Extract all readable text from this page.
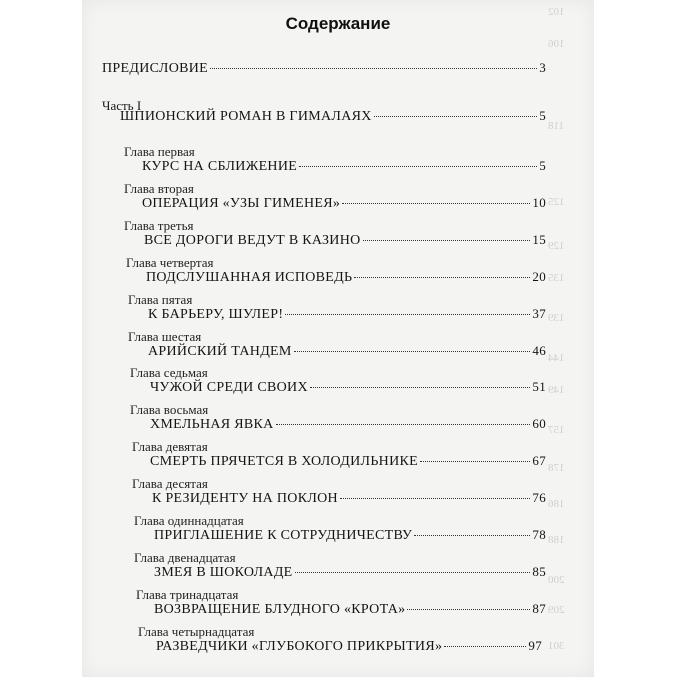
102
106
118
125
129
135
139
144
149
157
178
186
188
200
209
301
Содержание
ПРЕДИСЛОВИЕ	3
Часть I
ШПИОНСКИЙ РОМАН В ГИМАЛАЯХ	5
Глава первая
КУРС НА СБЛИЖЕНИЕ	5
Глава вторая
ОПЕРАЦИЯ «УЗЫ ГИМЕНЕЯ»	10
Глава третья
ВСЕ ДОРОГИ ВЕДУТ В КАЗИНО	15
Глава четвертая
ПОДСЛУШАННАЯ ИСПОВЕДЬ	20
Глава пятая
К БАРЬЕРУ, ШУЛЕР!	37
Глава шестая
АРИЙСКИЙ ТАНДЕМ	46
Глава седьмая
ЧУЖОЙ СРЕДИ СВОИХ	51
Глава восьмая
ХМЕЛЬНАЯ ЯВКА	60
Глава девятая
СМЕРТЬ ПРЯЧЕТСЯ В ХОЛОДИЛЬНИКЕ	67
Глава десятая
К РЕЗИДЕНТУ НА ПОКЛОН	76
Глава одиннадцатая
ПРИГЛАШЕНИЕ К СОТРУДНИЧЕСТВУ	78
Глава двенадцатая
ЗМЕЯ В ШОКОЛАДЕ	85
Глава тринадцатая
ВОЗВРАЩЕНИЕ БЛУДНОГО «КРОТА»	87
Глава четырнадцатая
РАЗВЕДЧИКИ «ГЛУБОКОГО ПРИКРЫТИЯ»	97
